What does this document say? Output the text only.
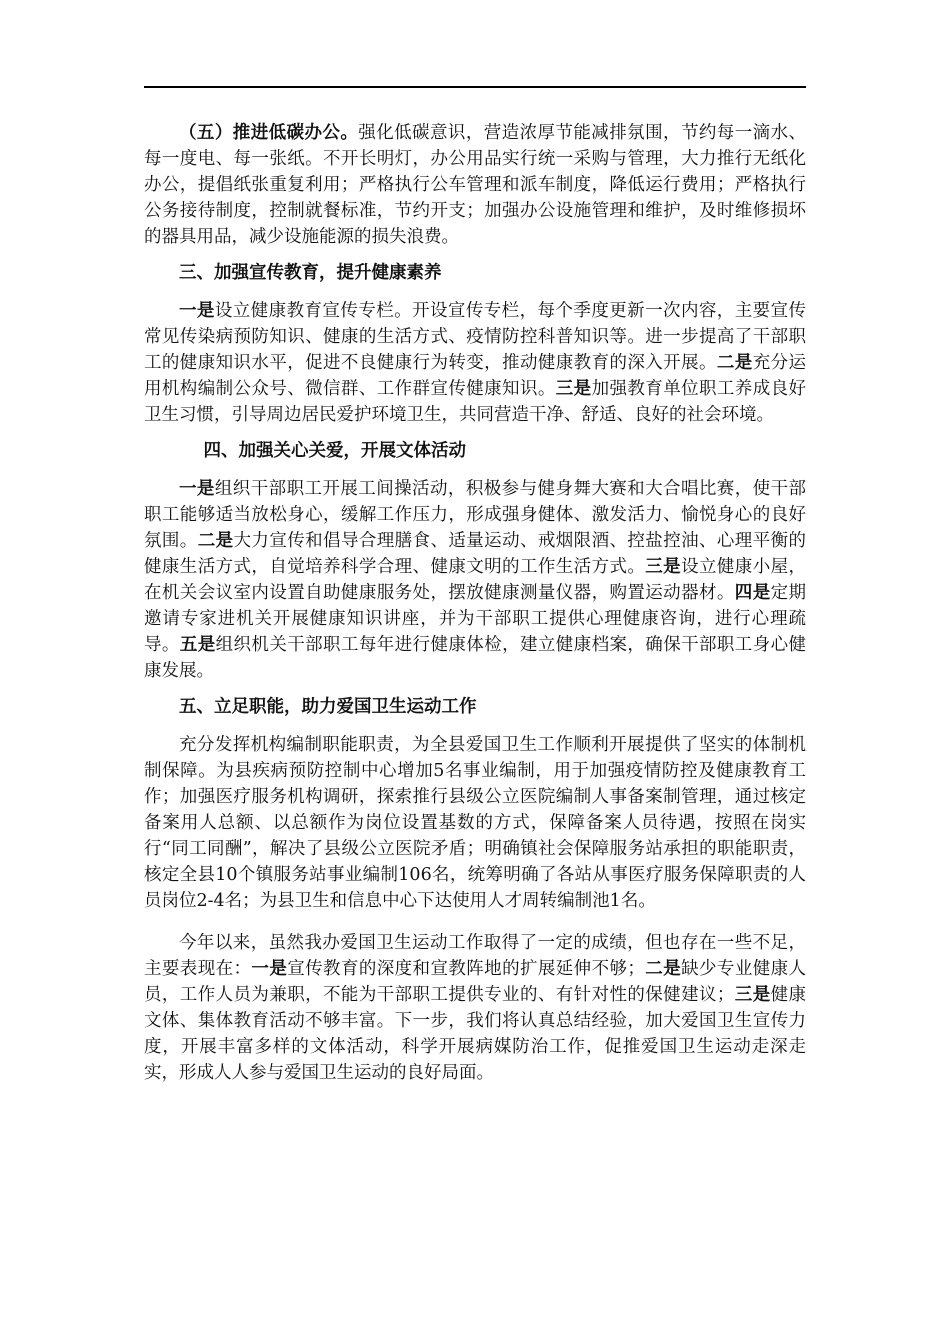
（五）推进低碳办公。强化低碳意识，营造浓厚节能减排氛围，节约每一滴水、每一度电、每一张纸。不开长明灯，办公用品实行统一采购与管理，大力推行无纸化办公，提倡纸张重复利用；严格执行公车管理和派车制度，降低运行费用；严格执行公务接待制度，控制就餐标准，节约开支；加强办公设施管理和维护，及时维修损坏的器具用品，减少设施能源的损失浪费。

三、加强宣传教育，提升健康素养

一是设立健康教育宣传专栏。开设宣传专栏，每个季度更新一次内容，主要宣传常见传染病预防知识、健康的生活方式、疫情防控科普知识等。进一步提高了干部职工的健康知识水平，促进不良健康行为转变，推动健康教育的深入开展。二是充分运用机构编制公众号、微信群、工作群宣传健康知识。三是加强教育单位职工养成良好卫生习惯，引导周边居民爱护环境卫生，共同营造干净、舒适、良好的社会环境。

四、加强关心关爱，开展文体活动

一是组织干部职工开展工间操活动，积极参与健身舞大赛和大合唱比赛，使干部职工能够适当放松身心，缓解工作压力，形成强身健体、激发活力、愉悦身心的良好氛围。二是大力宣传和倡导合理膳食、适量运动、戒烟限酒、控盐控油、心理平衡的健康生活方式，自觉培养科学合理、健康文明的工作生活方式。三是设立健康小屋，在机关会议室内设置自助健康服务处，摆放健康测量仪器，购置运动器材。四是定期邀请专家进机关开展健康知识讲座，并为干部职工提供心理健康咨询，进行心理疏导。五是组织机关干部职工每年进行健康体检，建立健康档案，确保干部职工身心健康发展。

五、立足职能，助力爱国卫生运动工作

充分发挥机构编制职能职责，为全县爱国卫生工作顺利开展提供了坚实的体制机制保障。为县疾病预防控制中心增加5名事业编制，用于加强疫情防控及健康教育工作；加强医疗服务机构调研，探索推行县级公立医院编制人事备案制管理，通过核定备案用人总额、以总额作为岗位设置基数的方式，保障备案人员待遇，按照在岗实行“同工同酬”，解决了县级公立医院矛盾；明确镇社会保障服务站承担的职能职责，核定全县10个镇服务站事业编制106名，统筹明确了各站从事医疗服务保障职责的人员岗位2-4名；为县卫生和信息中心下达使用人才周转编制池1名。

今年以来，虽然我办爱国卫生运动工作取得了一定的成绩，但也存在一些不足，主要表现在：一是宣传教育的深度和宣教阵地的扩展延伸不够；二是缺少专业健康人员，工作人员为兼职，不能为干部职工提供专业的、有针对性的保健建议；三是健康文体、集体教育活动不够丰富。下一步，我们将认真总结经验，加大爱国卫生宣传力度，开展丰富多样的文体活动，科学开展病媒防治工作，促推爱国卫生运动走深走实，形成人人参与爱国卫生运动的良好局面。
